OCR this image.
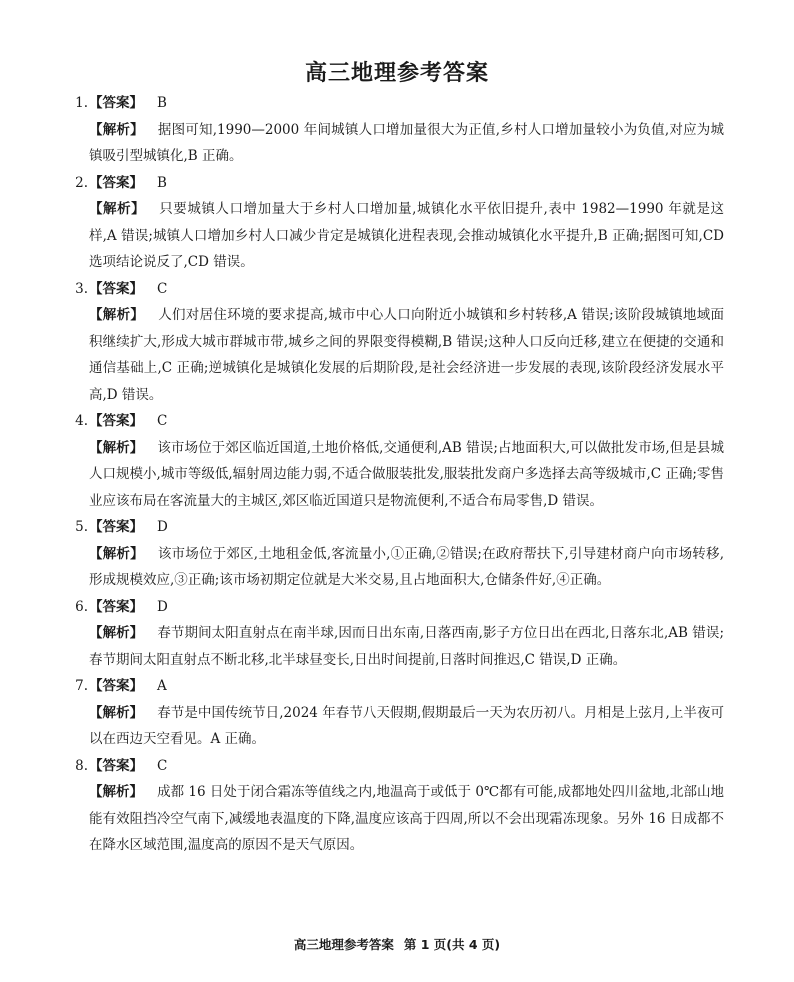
高三地理参考答案
1.【答案】 B
【解析】 据图可知,1990—2000 年间城镇人口增加量很大为正值,乡村人口增加量较小为负值,对应为城镇吸引型城镇化,B 正确。
2.【答案】 B
【解析】 只要城镇人口增加量大于乡村人口增加量,城镇化水平依旧提升,表中 1982—1990 年就是这样,A 错误;城镇人口增加乡村人口减少肯定是城镇化进程表现,会推动城镇化水平提升,B 正确;据图可知,CD 选项结论说反了,CD 错误。
3.【答案】 C
【解析】 人们对居住环境的要求提高,城市中心人口向附近小城镇和乡村转移,A 错误;该阶段城镇地域面积继续扩大,形成大城市群城市带,城乡之间的界限变得模糊,B 错误;这种人口反向迁移,建立在便捷的交通和通信基础上,C 正确;逆城镇化是城镇化发展的后期阶段,是社会经济进一步发展的表现,该阶段经济发展水平高,D 错误。
4.【答案】 C
【解析】 该市场位于郊区临近国道,土地价格低,交通便利,AB 错误;占地面积大,可以做批发市场,但是县城人口规模小,城市等级低,辐射周边能力弱,不适合做服装批发,服装批发商户多选择去高等级城市,C 正确;零售业应该布局在客流量大的主城区,郊区临近国道只是物流便利,不适合布局零售,D 错误。
5.【答案】 D
【解析】 该市场位于郊区,土地租金低,客流量小,①正确,②错误;在政府帮扶下,引导建材商户向市场转移,形成规模效应,③正确;该市场初期定位就是大米交易,且占地面积大,仓储条件好,④正确。
6.【答案】 D
【解析】 春节期间太阳直射点在南半球,因而日出东南,日落西南,影子方位日出在西北,日落东北,AB 错误;春节期间太阳直射点不断北移,北半球昼变长,日出时间提前,日落时间推迟,C 错误,D 正确。
7.【答案】 A
【解析】 春节是中国传统节日,2024 年春节八天假期,假期最后一天为农历初八。月相是上弦月,上半夜可以在西边天空看见。A 正确。
8.【答案】 C
【解析】 成都 16 日处于闭合霜冻等值线之内,地温高于或低于 0℃都有可能,成都地处四川盆地,北部山地能有效阻挡冷空气南下,减缓地表温度的下降,温度应该高于四周,所以不会出现霜冻现象。另外 16 日成都不在降水区域范围,温度高的原因不是天气原因。
高三地理参考答案 第 1 页(共 4 页)
